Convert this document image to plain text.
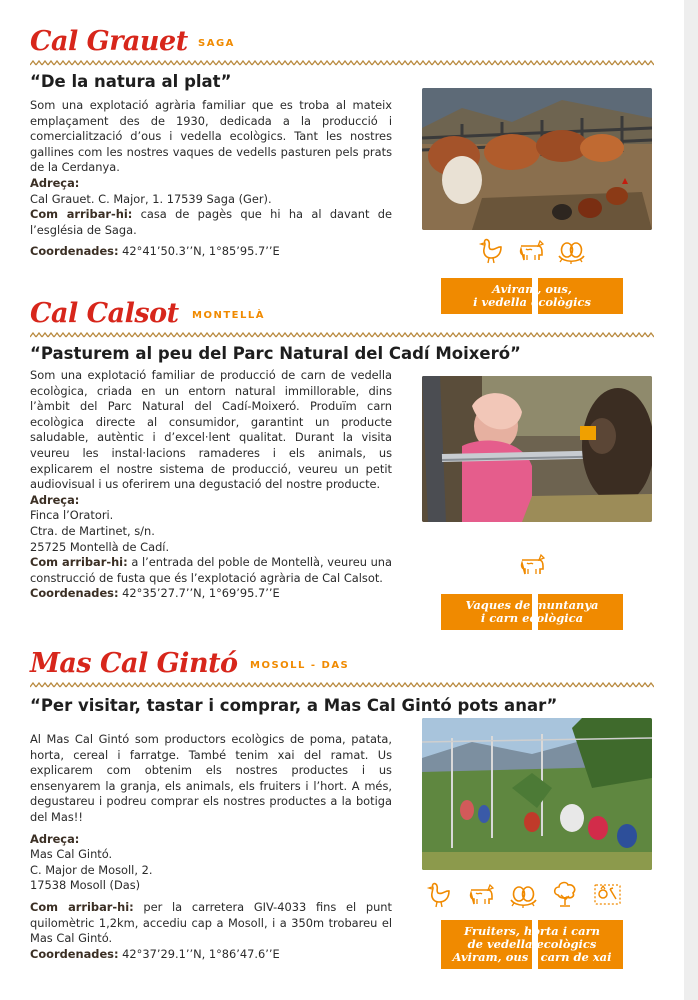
Cal Grauet SAGA
“De la natura al plat”

Som una explotació agrària familiar que es troba al mateix emplaçament des de 1930, dedicada a la producció i comercialització d’ous i vedella ecològics. Tant les nostres gallines com les nostres vaques de vedells pasturen pels prats de la Cerdanya.

Adreça:
Cal Grauet. C. Major, 1. 17539 Saga (Ger).

Com arribar-hi: casa de pagès que hi ha al davant de l’església de Saga.

Coordenades: 42°41’50.3’’N, 1°85’95.7’’E

Aviram, ous,
i vedella ecològics
Cal Calsot MONTELLÀ
“Pasturem al peu del Parc Natural del Cadí Moixeró”

Som una explotació familiar de producció de carn de vedella ecològica, criada en un entorn natural immillorable, dins l’àmbit del Parc Natural del Cadí-Moixeró. Produïm carn ecològica directe al consumidor, garantint un producte saludable, autèntic i d’excel·lent qualitat. Durant la visita veureu les instal·lacions ramaderes i els animals, us explicarem el nostre sistema de producció, veureu un petit audiovisual i us oferirem una degustació del nostre producte.

Adreça:
Finca l’Oratori.
Ctra. de Martinet, s/n.
25725 Montellà de Cadí.

Com arribar-hi: a l’entrada del poble de Montellà, veureu una construcció de fusta que és l’explotació agrària de Cal Calsot.

Coordenades: 42°35’27.7’’N, 1°69’95.7’’E

Vaques de muntanya
i carn ecològica
Mas Cal Gintó MOSOLL - DAS
“Per visitar, tastar i comprar, a Mas Cal Gintó pots anar”

Al Mas Cal Gintó som productors ecològics de poma, patata, horta, cereal i farratge. També tenim xai del ramat. Us explicarem com obtenim els nostres productes i us ensenyarem la granja, els animals, els fruiters i l’hort. A més, degustareu i podreu comprar els nostres productes a la botiga del Mas!!

Adreça:
Mas Cal Gintó.
C. Major de Mosoll, 2.
17538 Mosoll (Das)

Com arribar-hi: per la carretera GIV-4033 fins el punt quilomètric 1,2km, accediu cap a Mosoll, i a 350m trobareu el Mas Cal Gintó.

Coordenades: 42°37’29.1’’N, 1°86’47.6’’E

Fruiters, horta i carn
de vedella ecològics
Aviram, ous i carn de xai
